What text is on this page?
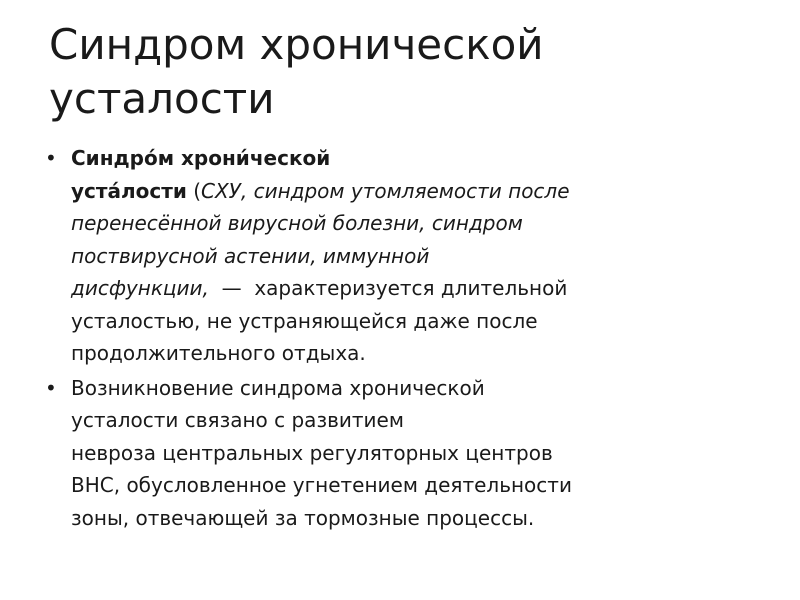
Синдром хронической
усталости
• Синдро́м хрони́ческой
уста́лости (СХУ, синдром утомляемости после
перенесённой вирусной болезни, синдром
поствирусной астении, иммунной
дисфункции,  —  характеризуется длительной
усталостью, не устраняющейся даже после
продолжительного отдыха.
• Возникновение синдрома хронической
усталости связано с развитием
невроза центральных регуляторных центров
ВНС, обусловленное угнетением деятельности
зоны, отвечающей за тормозные процессы.
